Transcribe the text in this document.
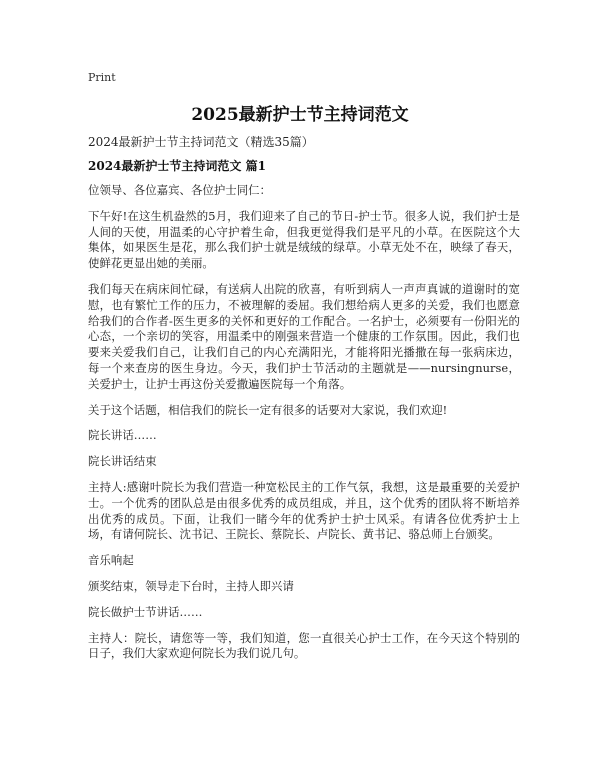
Print
2025最新护士节主持词范文

2024最新护士节主持词范文（精选35篇）

2024最新护士节主持词范文 篇1

位领导、各位嘉宾、各位护士同仁：

下午好!在这生机盎然的5月，我们迎来了自己的节日-护士节。很多人说，我们护士是人间的天使，用温柔的心守护着生命，但我更觉得我们是平凡的小草。在医院这个大集体，如果医生是花，那么我们护士就是绒绒的绿草。小草无处不在，映绿了春天，使鲜花更显出她的美丽。

我们每天在病床间忙碌，有送病人出院的欣喜，有听到病人一声声真诚的道谢时的宽慰，也有繁忙工作的压力，不被理解的委屈。我们想给病人更多的关爱，我们也愿意给我们的合作者-医生更多的关怀和更好的工作配合。一名护士，必须要有一份阳光的心态，一个亲切的笑容，用温柔中的刚强来营造一个健康的工作氛围。因此，我们也要来关爱我们自己，让我们自己的内心充满阳光，才能将阳光播撒在每一张病床边，每一个来查房的医生身边。今天，我们护士节活动的主题就是——nursingnurse，关爱护士，让护士再这份关爱撒遍医院每一个角落。

关于这个话题，相信我们的院长一定有很多的话要对大家说，我们欢迎!

院长讲话……

院长讲话结束

主持人:感谢叶院长为我们营造一种宽松民主的工作气氛，我想，这是最重要的关爱护士。一个优秀的团队总是由很多优秀的成员组成，并且，这个优秀的团队将不断培养出优秀的成员。下面，让我们一睹今年的优秀护士护士风采。有请各位优秀护士上场，有请何院长、沈书记、王院长、蔡院长、卢院长、黄书记、骆总师上台颁奖。

音乐响起

颁奖结束，领导走下台时，主持人即兴请

院长做护士节讲话……

主持人：院长，请您等一等，我们知道，您一直很关心护士工作，在今天这个特别的日子，我们大家欢迎何院长为我们说几句。
